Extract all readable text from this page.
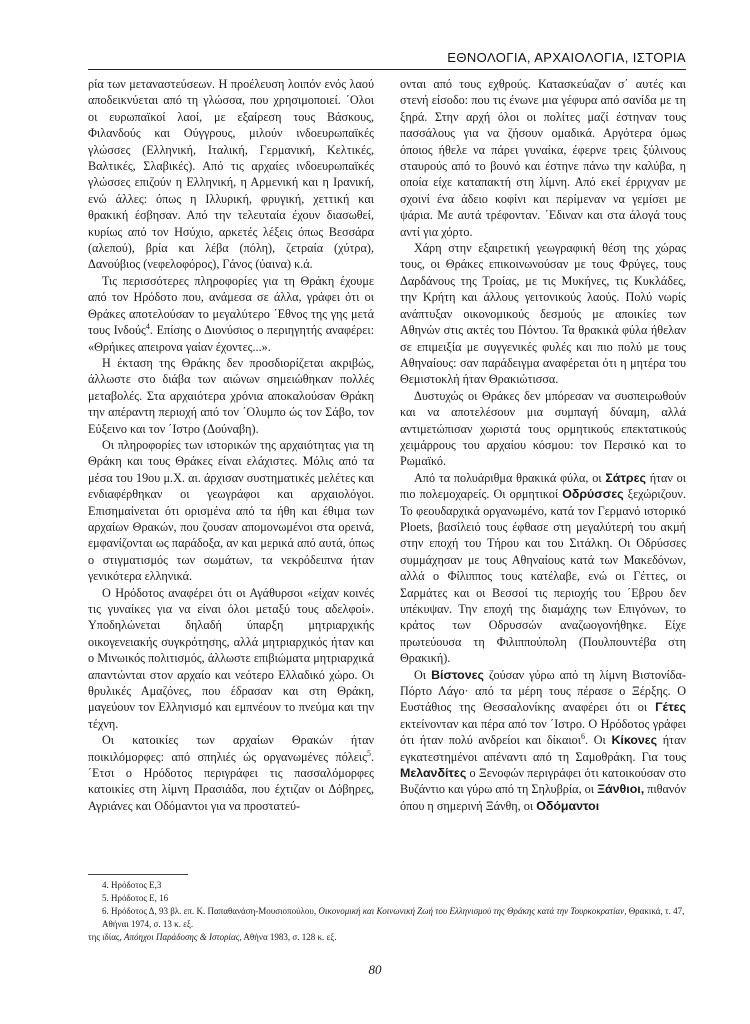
ΕΘΝΟΛΟΓΙΑ, ΑΡΧΑΙΟΛΟΓΙΑ, ΙΣΤΟΡΙΑ

ρία των μεταναστεύσεων. Η προέλευση λοιπόν ενός λαού αποδεικνύεται από τη γλώσσα, που χρησιμοποιεί. ΄Ολοι οι ευρωπαϊκοί λαοί, με εξαίρεση τους Βάσκους, Φιλανδούς και Ούγγρους, μιλούν ινδοευρωπαϊκές γλώσσες (Ελληνική, Ιταλική, Γερμανική, Κελτικές, Βαλτικές, Σλαβικές). Από τις αρχαίες ινδοευρωπαϊκές γλώσσες επιζούν η Ελληνική, η Αρμενική και η Ιρανική, ενώ άλλες: όπως η Ιλλυρική, φρυγική, χεττική και θρακική έσβησαν. Από την τελευταία έχουν διασωθεί, κυρίως από τον Ησύχιο, αρκετές λέξεις όπως Βεσσάρα (αλεπού), βρία και λέβα (πόλη), ζετραία (χύτρα), Δανούβιος (νεφελοφόρος), Γάνος (ύαινα) κ.ά.

Τις περισσότερες πληροφορίες για τη Θράκη έχουμε από τον Ηρόδοτο που, ανάμεσα σε άλλα, γράφει ότι οι Θράκες αποτελούσαν το μεγαλύτερο ΄Εθνος της γης μετά τους Ινδούς$^4$. Επίσης ο Διονύσιος ο περιηγητής αναφέρει: «Θρήικες απειρονα γαίαν έχοντες...».

Η έκταση της Θράκης δεν προσδιορίζεται ακριβώς, άλλωστε στο διάβα των αιώνων σημειώθηκαν πολλές μεταβολές. Στα αρχαιότερα χρόνια αποκαλούσαν Θράκη την απέραντη περιοχή από τον ΄Ολυμπο ώς τον Σάβο, τον Εύξεινο και τον ΄Ιστρο (Δούναβη).

Οι πληροφορίες των ιστορικών της αρχαιότητας για τη Θράκη και τους Θράκες είναι ελάχιστες. Μόλις από τα μέσα του 19ου μ.Χ. αι. άρχισαν συστηματικές μελέτες και ενδιαφέρθηκαν οι γεωγράφοι και αρχαιολόγοι. Επισημαίνεται ότι ορισμένα από τα ήθη και έθιμα των αρχαίων Θρακών, που ζουσαν απομονωμένοι στα ορεινά, εμφανίζονται ως παράδοξα, αν και μερικά από αυτά, όπως ο στιγματισμός των σωμάτων, τα νεκρόδειπνα ήταν γενικότερα ελληνικά.

Ο Ηρόδοτος αναφέρει ότι οι Αγάθυρσοι «είχαν κοινές τις γυναίκες για να είναι όλοι μεταξύ τους αδελφοί». Υποδηλώνεται δηλαδή ύπαρξη μητριαρχικής οικογενειακής συγκρότησης, αλλά μητριαρχικός ήταν και ο Μινωικός πολιτισμός, άλλωστε επιβιώματα μητριαρχικά απαντώνται στον αρχαίο και νεότερο Ελλαδικό χώρο. Οι θρυλικές Αμαζόνες, που έδρασαν και στη Θράκη, μαγεύουν τον Ελληνισμό και εμπνέουν το πνεύμα και την τέχνη.

Οι κατοικίες των αρχαίων Θρακών ήταν ποικιλόμορφες: από σπηλιές ώς οργανωμένες πόλεις$^5$. ΄Ετσι ο Ηρόδοτος περιγράφει τις πασσαλόμορφες κατοικίες στη λίμνη Πρασιάδα, που έχτιζαν οι Δόβηρες, Αγριάνες και Οδόμαντοι για να προστατεύ-

ονται από τους εχθρούς. Κατασκεύαζαν σ΄ αυτές και στενή είσοδο: που τις ένωνε μια γέφυρα από σανίδα με τη ξηρά. Στην αρχή όλοι οι πολίτες μαζί έστηναν τους πασσάλους για να ζήσουν ομαδικά. Αργότερα όμως όποιος ήθελε να πάρει γυναίκα, έφερνε τρεις ξύλινους σταυρούς από το βουνό και έστηνε πάνω την καλύβα, η οποία είχε καταπακτή στη λίμνη. Από εκεί έρριχναν με σχοινί ένα άδειο κοφίνι και περίμεναν να γεμίσει με ψάρια. Με αυτά τρέφονταν. ΄Εδιναν και στα άλογά τους αντί για χόρτο.

Χάρη στην εξαιρετική γεωγραφική θέση της χώρας τους, οι Θράκες επικοινωνούσαν με τους Φρύγες, τους Δαρδάνους της Τροίας, με τις Μυκήνες, τις Κυκλάδες, την Κρήτη και άλλους γειτονικούς λαούς. Πολύ νωρίς ανάπτυξαν οικονομικούς δεσμούς με αποικίες των Αθηνών στις ακτές του Πόντου. Τα θρακικά φύλα ήθελαν σε επιμειξία με συγγενικές φυλές και πιο πολύ με τους Αθηναίους: σαν παράδειγμα αναφέρεται ότι η μητέρα του Θεμιστοκλή ήταν Θρακιώτισσα.

Δυστυχώς οι Θράκες δεν μπόρεσαν να συσπειρωθούν και να αποτελέσουν μια συμπαγή δύναμη, αλλά αντιμετώπισαν χωριστά τους ορμητικούς επεκτατικούς χειμάρρους του αρχαίου κόσμου: τον Περσικό και το Ρωμαϊκό.

Από τα πολυάριθμα θρακικά φύλα, οι Σάτρες ήταν οι πιο πολεμοχαρείς. Οι ορμητικοί Οδρύσσες ξεχώριζουν. Το φεουδαρχικά οργανωμένο, κατά τον Γερμανό ιστορικό Ploets, βασίλειό τους έφθασε στη μεγαλύτερή του ακμή στην εποχή του Τήρου και του Σιτάλκη. Οι Οδρύσσες συμμάχησαν με τους Αθηναίους κατά των Μακεδόνων, αλλά ο Φίλιππος τους κατέλαβε, ενώ οι Γέττες, οι Σαρμάτες και οι Βεσσοί τις περιοχής του ΄Εβρου δεν υπέκυψαν. Την εποχή της διαμάχης των Επιγόνων, το κράτος των Οδρυσσών αναζωογονήθηκε. Είχε πρωτεύουσα τη Φιλιππούπολη (Πουλπουντέβα στη Θρακική).

Οι Βίστονες ζούσαν γύρω από τη λίμνη Βιστονίδα-Πόρτο Λάγο· από τα μέρη τους πέρασε ο Ξέρξης. Ο Ευστάθιος της Θεσσαλονίκης αναφέρει ότι οι Γέτες εκτείνονταν και πέρα από τον ΄Ιστρο. Ο Ηρόδοτος γράφει ότι ήταν πολύ ανδρείοι και δίκαιοι$^6$. Οι Κίκονες ήταν εγκατεστημένοι απέναντι από τη Σαμοθράκη. Για τους Μελανδίτες ο Ξενοφών περιγράφει ότι κατοικούσαν στο Βυζάντιο και γύρω από τη Σηλυβρία, οι Ξάνθιοι, πιθανόν όπου η σημερινή Ξάνθη, οι Οδόμαντοι

4. Ηρόδοτος Ε,3
5. Ηρόδοτος Ε, 16
6. Ηρόδοτος Δ, 93 βλ. επ. Κ. Παπαθανάση-Μουσιοπούλου, Οικονομική και Κοινωνική Ζωή του Ελληνισμού της Θράκης κατά την Τουρκοκρατίαν, Θρακικά, τ. 47, Αθήναι 1974, σ. 13 κ. εξ.
της ιδίας, Απόηχοι Παράδοσης & Ιστορίας, Αθήνα 1983, σ. 128 κ. εξ.
80
